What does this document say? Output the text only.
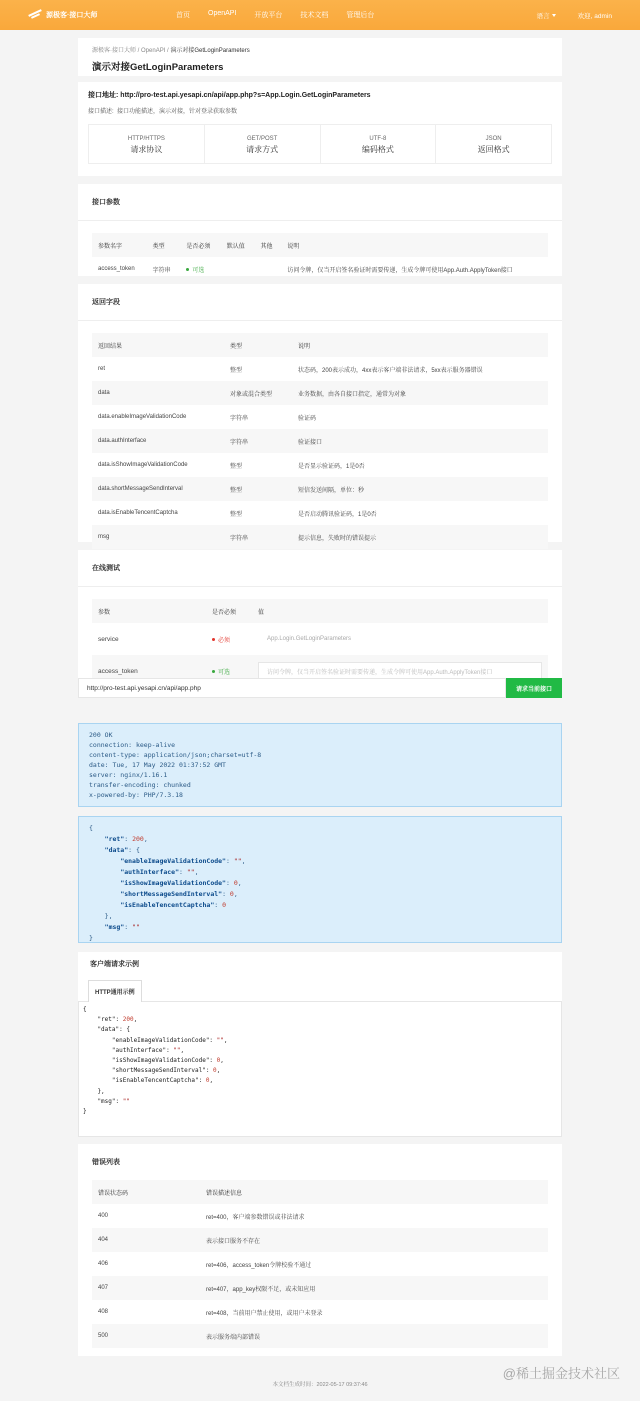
源极客·接口大师	首页	OpenAPI	开放平台	技术文档	管理后台	语言	欢迎, admin
源极客·接口大师 / OpenAPI / 演示对接GetLoginParameters
演示对接GetLoginParameters
接口地址: http://pro-test.api.yesapi.cn/api/app.php?s=App.Login.GetLoginParameters
接口描述: 接口功能描述，演示对接，针对登录获取参数
HTTP/HTTPS
请求协议
GET/POST
请求方式
UTF-8
编码格式
JSON
返回格式
接口参数
参数名字	类型	是否必须	默认值	其他	说明
access_token	字符串	可选			访问令牌，仅当开启签名验证时需要传递，生成令牌可使用App.Auth.ApplyToken接口
返回字段
返回结果	类型	说明
ret	整型	状态码，200表示成功，4xx表示客户端非法请求，5xx表示服务器错误
data	对象或混合类型	业务数据，由各自接口指定，通常为对象
data.enableImageValidationCode	字符串	验证码
data.authInterface	字符串	验证接口
data.isShowImageValidationCode	整型	是否显示验证码，1是0否
data.shortMessageSendInterval	整型	短信发送间隔，单位：秒
data.isEnableTencentCaptcha	整型	是否启动腾讯验证码，1是0否
msg	字符串	提示信息，失败时的错误提示
在线测试
参数	是否必须	值
service	必须	App.Login.GetLoginParameters

access_token	可选	访问令牌，仅当开启签名验证时需要传递，生成令牌可使用App.Auth.ApplyToken接口
http://pro-test.api.yesapi.cn/api/app.php	请求当前接口
200 OK
connection: keep-alive
content-type: application/json;charset=utf-8
date: Tue, 17 May 2022 01:37:52 GMT
server: nginx/1.16.1
transfer-encoding: chunked
x-powered-by: PHP/7.3.18
{
"ret": 200,
"data": {
"enableImageValidationCode": "",
"authInterface": "",
"isShowImageValidationCode": 0,
"shortMessageSendInterval": 0,
"isEnableTencentCaptcha": 0
},
"msg": ""
}
客户端请求示例
HTTP通用示例
{
"ret": 200,
"data": {
"enableImageValidationCode": "",
"authInterface": "",
"isShowImageValidationCode": 0,
"shortMessageSendInterval": 0,
"isEnableTencentCaptcha": 0,
},
"msg": ""
}
错误列表
错误状态码	错误描述信息
400	ret=400，客户端参数错误或非法请求
404	表示接口服务不存在
406	ret=406，access_token令牌校验不通过
407	ret=407，app_key权限不足，或未知应用
408	ret=408，当前用户禁止使用，或用户未登录
500	表示服务端内部错误
@稀土掘金技术社区
本文档生成时间：2022-05-17 09:37:46
